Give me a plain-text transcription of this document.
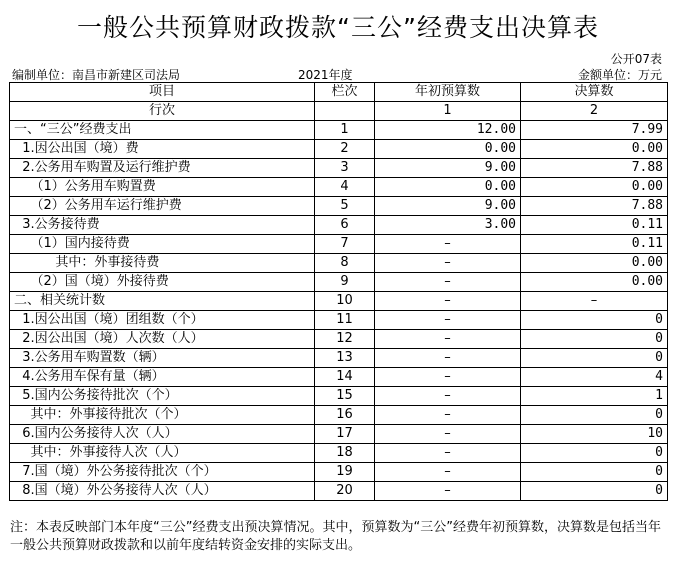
一般公共预算财政拨款“三公”经费支出决算表
公开07表
编制单位：南昌市新建区司法局	2021年度	金额单位：万元
项目	栏次	年初预算数	决算数
行次		1	2
一、“三公”经费支出	1	12.00	7.99
1.因公出国（境）费	2	0.00	0.00
2.公务用车购置及运行维护费	3	9.00	7.88
（1）公务用车购置费	4	0.00	0.00
（2）公务用车运行维护费	5	9.00	7.88
3.公务接待费	6	3.00	0.11
（1）国内接待费	7	–	0.11
其中：外事接待费	8	–	0.00
（2）国（境）外接待费	9	–	0.00
二、相关统计数	10	–	–
1.因公出国（境）团组数（个）	11	–	0
2.因公出国（境）人次数（人）	12	–	0
3.公务用车购置数（辆）	13	–	0
4.公务用车保有量（辆）	14	–	4
5.国内公务接待批次（个）	15	–	1
其中：外事接待批次（个）	16	–	0
6.国内公务接待人次（人）	17	–	10
其中：外事接待人次（人）	18	–	0
7.国（境）外公务接待批次（个）	19	–	0
8.国（境）外公务接待人次（人）	20	–	0
注：本表反映部门本年度“三公”经费支出预决算情况。其中，预算数为“三公”经费年初预算数，决算数是包括当年一般公共预算财政拨款和以前年度结转资金安排的实际支出。
